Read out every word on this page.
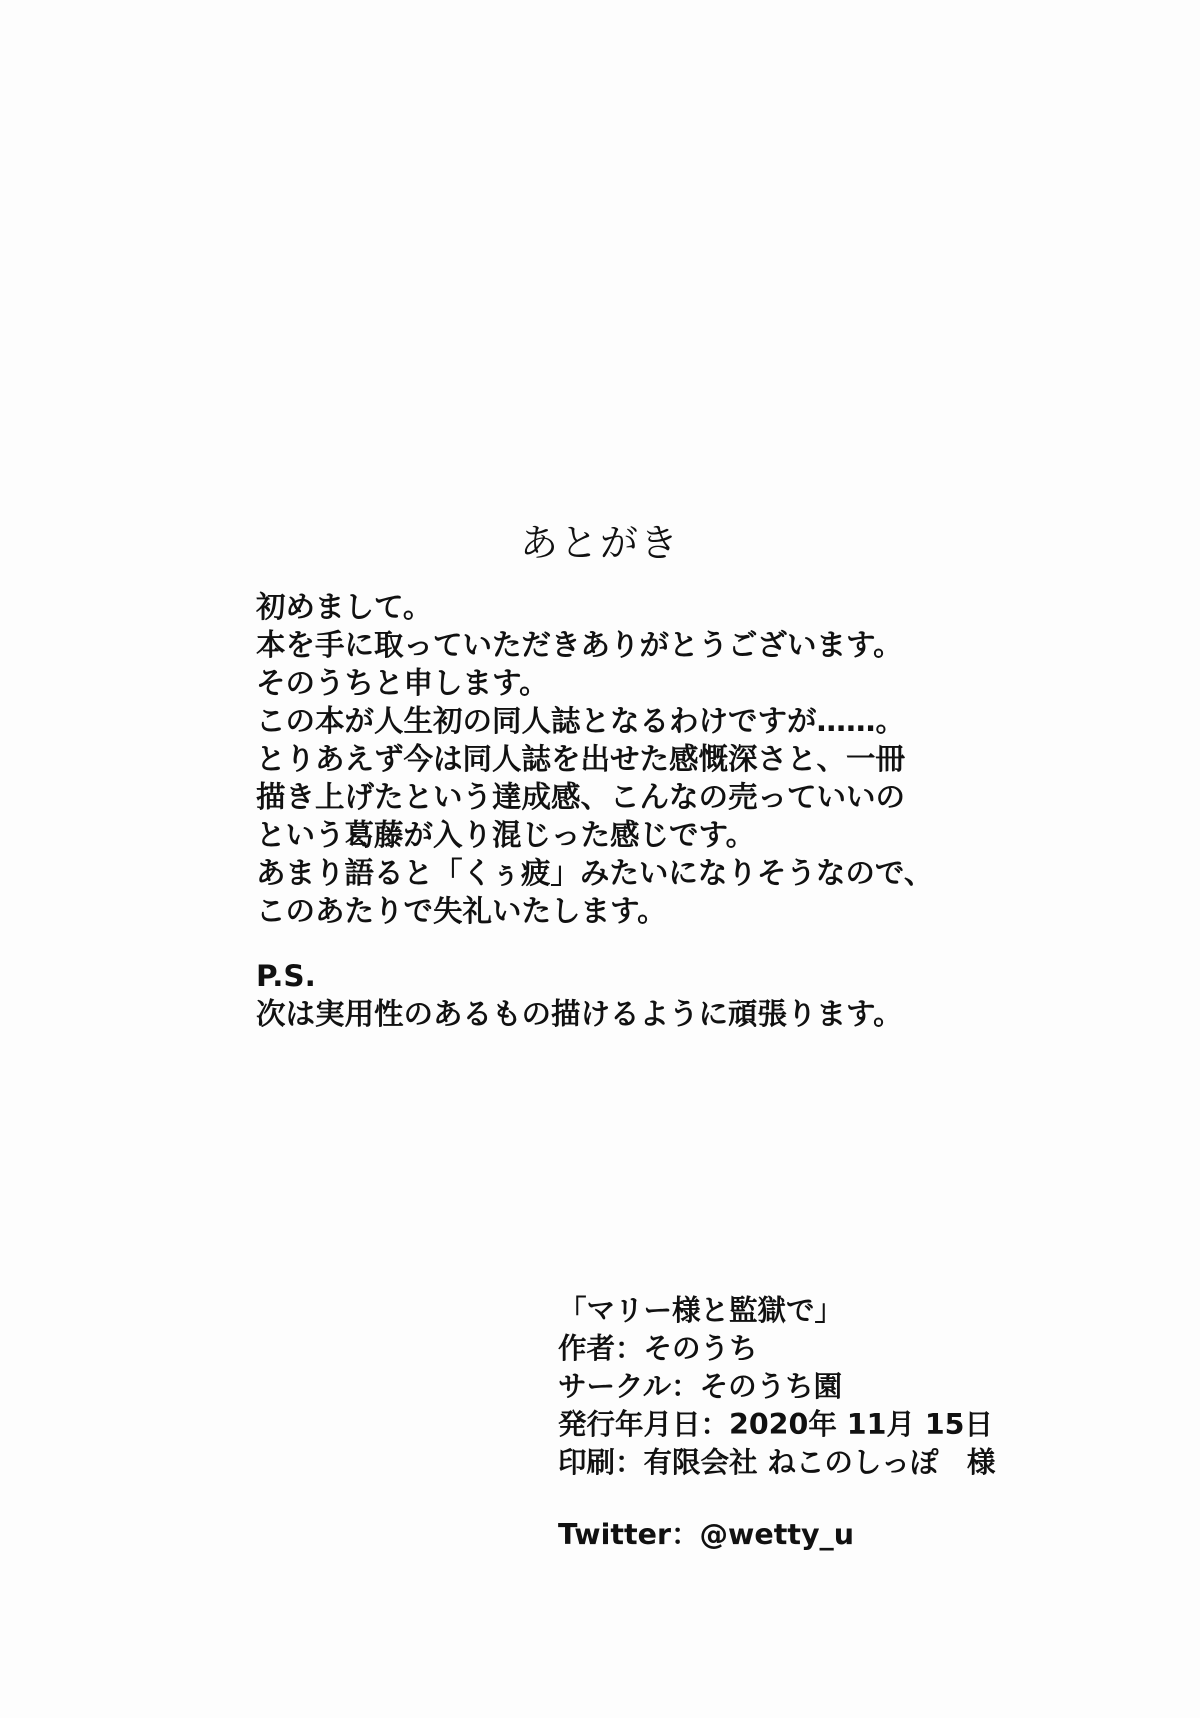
あとがき
初めまして。
本を手に取っていただきありがとうございます。
そのうちと申します。
この本が人生初の同人誌となるわけですが……。
とりあえず今は同人誌を出せた感慨深さと、一冊
描き上げたという達成感、こんなの売っていいの
という葛藤が入り混じった感じです。
あまり語ると「くぅ疲」みたいになりそうなので、
このあたりで失礼いたします。
P.S.
次は実用性のあるもの描けるように頑張ります。
「マリー様と監獄で」
作者：そのうち
サークル：そのうち園
発行年月日：2020年 11月 15日
印刷：有限会社 ねこのしっぽ　様
Twitter：@wetty_u
